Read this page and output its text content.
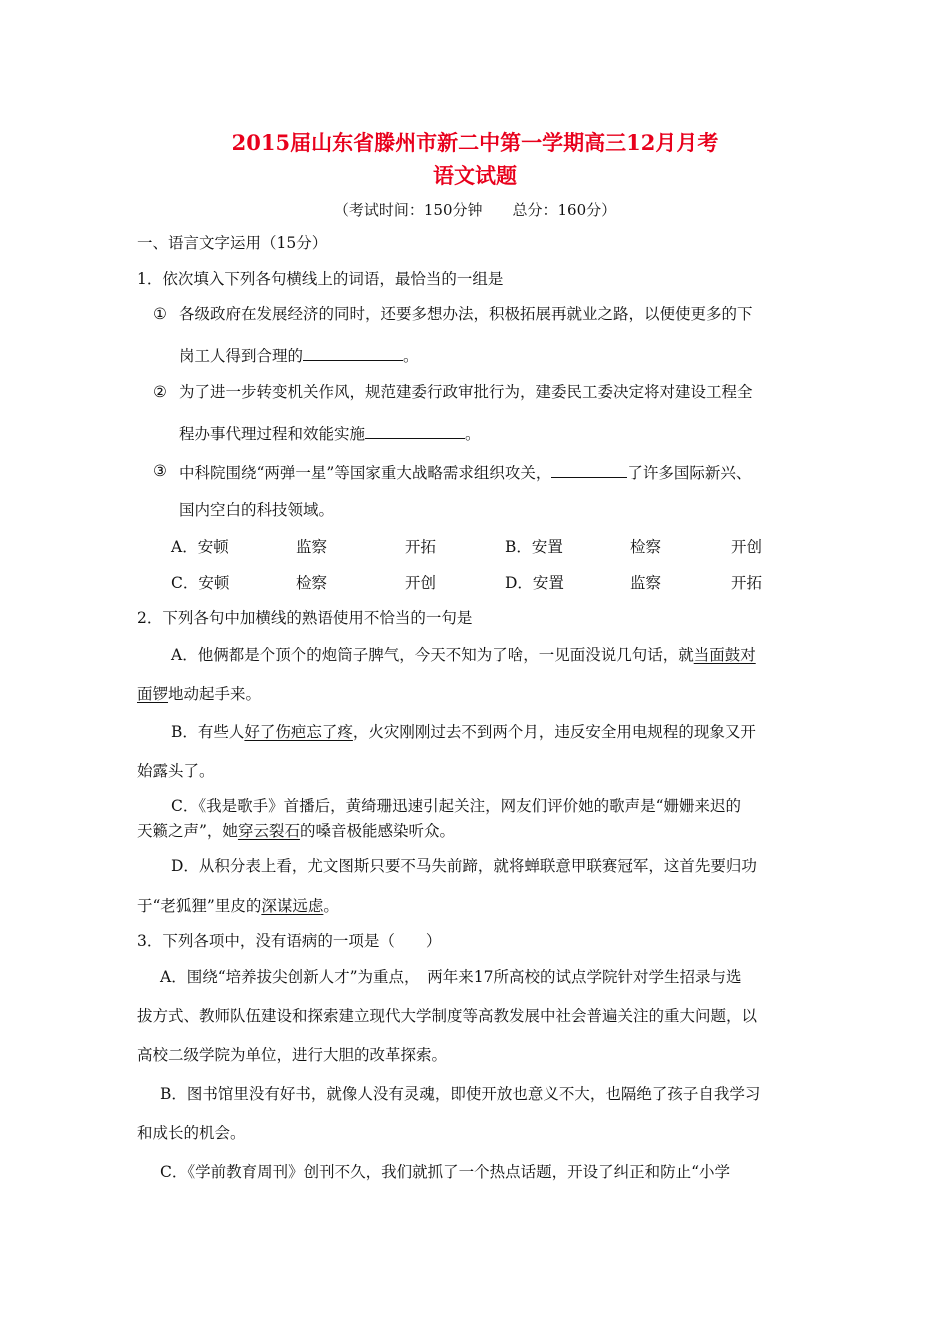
2015届山东省滕州市新二中第一学期高三12月月考
语文试题
（考试时间：150分钟　　总分：160分）
一、语言文字运用（15分）
1．依次填入下列各句横线上的词语，最恰当的一组是
① 各级政府在发展经济的同时，还要多想办法，积极拓展再就业之路，以便使更多的下
岗工人得到合理的	。
② 为了进一步转变机关作风，规范建委行政审批行为，建委民工委决定将对建设工程全
程办事代理过程和效能实施	。
③ 中科院围绕“两弹一星”等国家重大战略需求组织攻关，	了许多国际新兴、
国内空白的科技领域。
A．安顿	监察	开拓	B．安置	检察	开创
C．安顿	检察	开创	D．安置	监察	开拓
2．下列各句中加横线的熟语使用不恰当的一句是
A．他俩都是个顶个的炮筒子脾气，今天不知为了啥，一见面没说几句话，就当面鼓对
面锣地动起手来。
B．有些人好了伤疤忘了疼，火灾刚刚过去不到两个月，违反安全用电规程的现象又开
始露头了。
C．《我是歌手》首播后，黄绮珊迅速引起关注，网友们评价她的歌声是“姗姗来迟的
天籁之声”，她穿云裂石的嗓音极能感染听众。
D．从积分表上看，尤文图斯只要不马失前蹄，就将蝉联意甲联赛冠军，这首先要归功
于“老狐狸”里皮的深谋远虑。
3．下列各项中，没有语病的一项是（　　）
A．围绕“培养拔尖创新人才”为重点，　两年来17所高校的试点学院针对学生招录与选
拔方式、教师队伍建设和探索建立现代大学制度等高教发展中社会普遍关注的重大问题，以
高校二级学院为单位，进行大胆的改革探索。
B．图书馆里没有好书，就像人没有灵魂，即使开放也意义不大，也隔绝了孩子自我学习
和成长的机会。
C．《学前教育周刊》创刊不久，我们就抓了一个热点话题，开设了纠正和防止“小学
